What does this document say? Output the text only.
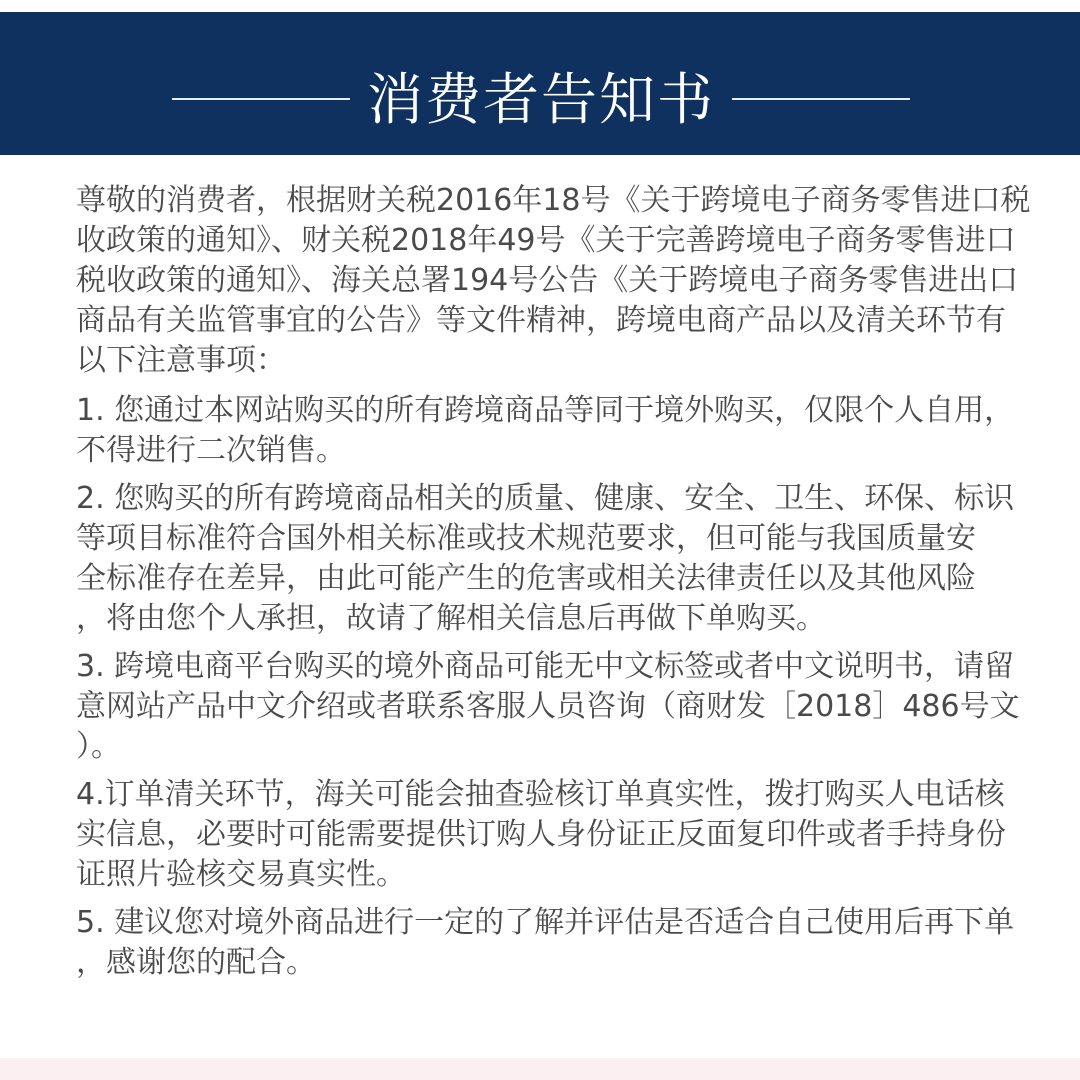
消费者告知书

尊敬的消费者，根据财关税2016年18号《关于跨境电子商务零售进口税
收政策的通知》、财关税2018年49号《关于完善跨境电子商务零售进口
税收政策的通知》、海关总署194号公告《关于跨境电子商务零售进出口
商品有关监管事宜的公告》等文件精神，跨境电商产品以及清关环节有
以下注意事项：

1. 您通过本网站购买的所有跨境商品等同于境外购买，仅限个人自用，
不得进行二次销售。

2. 您购买的所有跨境商品相关的质量、健康、安全、卫生、环保、标识
等项目标准符合国外相关标准或技术规范要求，但可能与我国质量安
全标准存在差异，由此可能产生的危害或相关法律责任以及其他风险
，将由您个人承担，故请了解相关信息后再做下单购买。

3. 跨境电商平台购买的境外商品可能无中文标签或者中文说明书，请留
意网站产品中文介绍或者联系客服人员咨询（商财发［2018］486号文
）。

4.订单清关环节，海关可能会抽查验核订单真实性，拨打购买人电话核
实信息，必要时可能需要提供订购人身份证正反面复印件或者手持身份
证照片验核交易真实性。

5. 建议您对境外商品进行一定的了解并评估是否适合自己使用后再下单
，感谢您的配合。
